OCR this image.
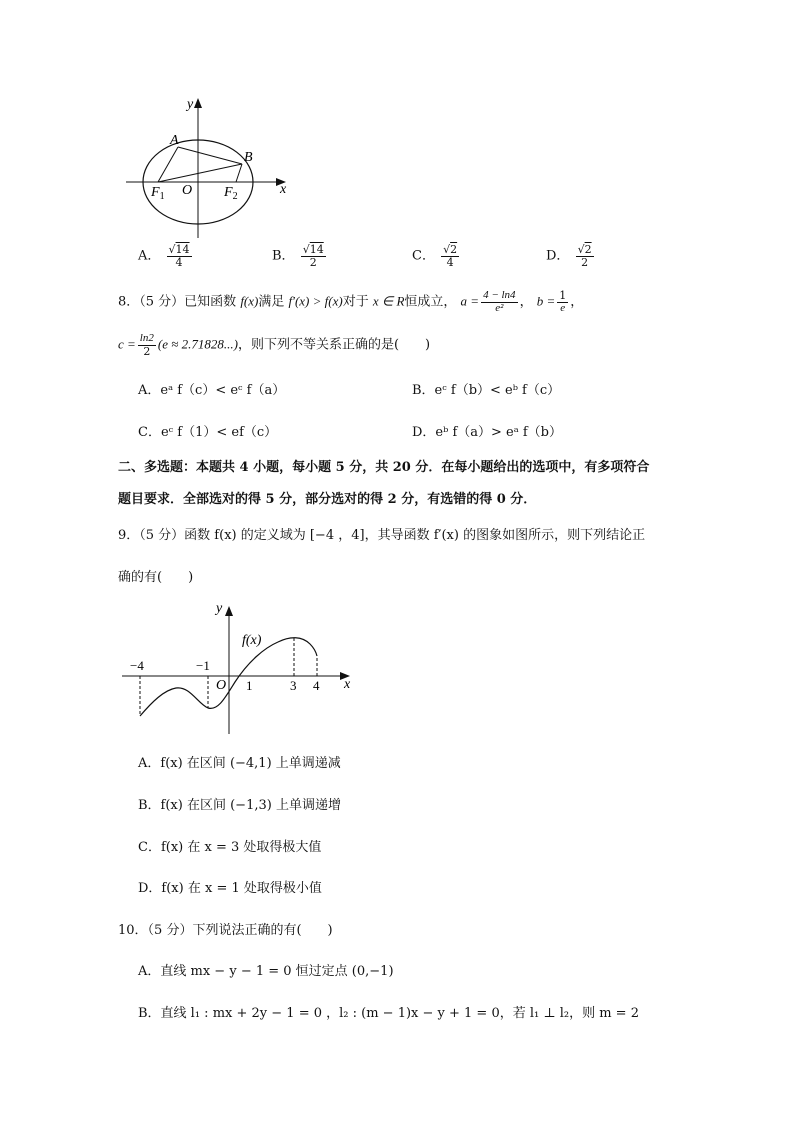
y
x
A
B
$F_1$ O $F_2$
A． $\frac{√14}{4}$	B． $\frac{√14}{2}$	C． $\frac{√2}{4}$	D． $\frac{√2}{2}$
8．（5 分）已知函数 f(x)满足 f′(x) > f(x)对于 x ∈ R恒成立， $a = \frac{4 - \ln 4}{\text{e²}}$ ， $b = \frac{1}{e}$ ，
$c = \frac{\ln 2}{2} (e \approx 2.71828...)$，则下列不等关系正确的是(　　)
A．eᵃ f（c）< eᶜ f（a）	B．eᶜ f（b）< eᵇ f（c）
C．eᶜ f（1）< ef（c）	D．eᵇ f（a）> eᵃ f（b）
二、多选题：本题共 4 小题，每小题 5 分，共 20 分．在每小题给出的选项中，有多项符合
题目要求．全部选对的得 5 分，部分选对的得 2 分，有选错的得 0 分．
9．（5 分）函数 f(x) 的定义域为 [−4 ，4]，其导函数 f′(x) 的图象如图所示，则下列结论正
确的有(　　)
y
x
f(x)
−4	−1
O 1	3 4
A．f(x) 在区间 (−4,1) 上单调递减
B．f(x) 在区间 (−1,3) 上单调递增
C．f(x) 在 x = 3 处取得极大值
D．f(x) 在 x = 1 处取得极小值
10．（5 分）下列说法正确的有(　　)
A．直线 mx − y − 1 = 0 恒过定点 (0,−1)
B．直线 l₁ : mx + 2y − 1 = 0 ，l₂ : (m − 1)x − y + 1 = 0，若 l₁ ⊥ l₂，则 m = 2
